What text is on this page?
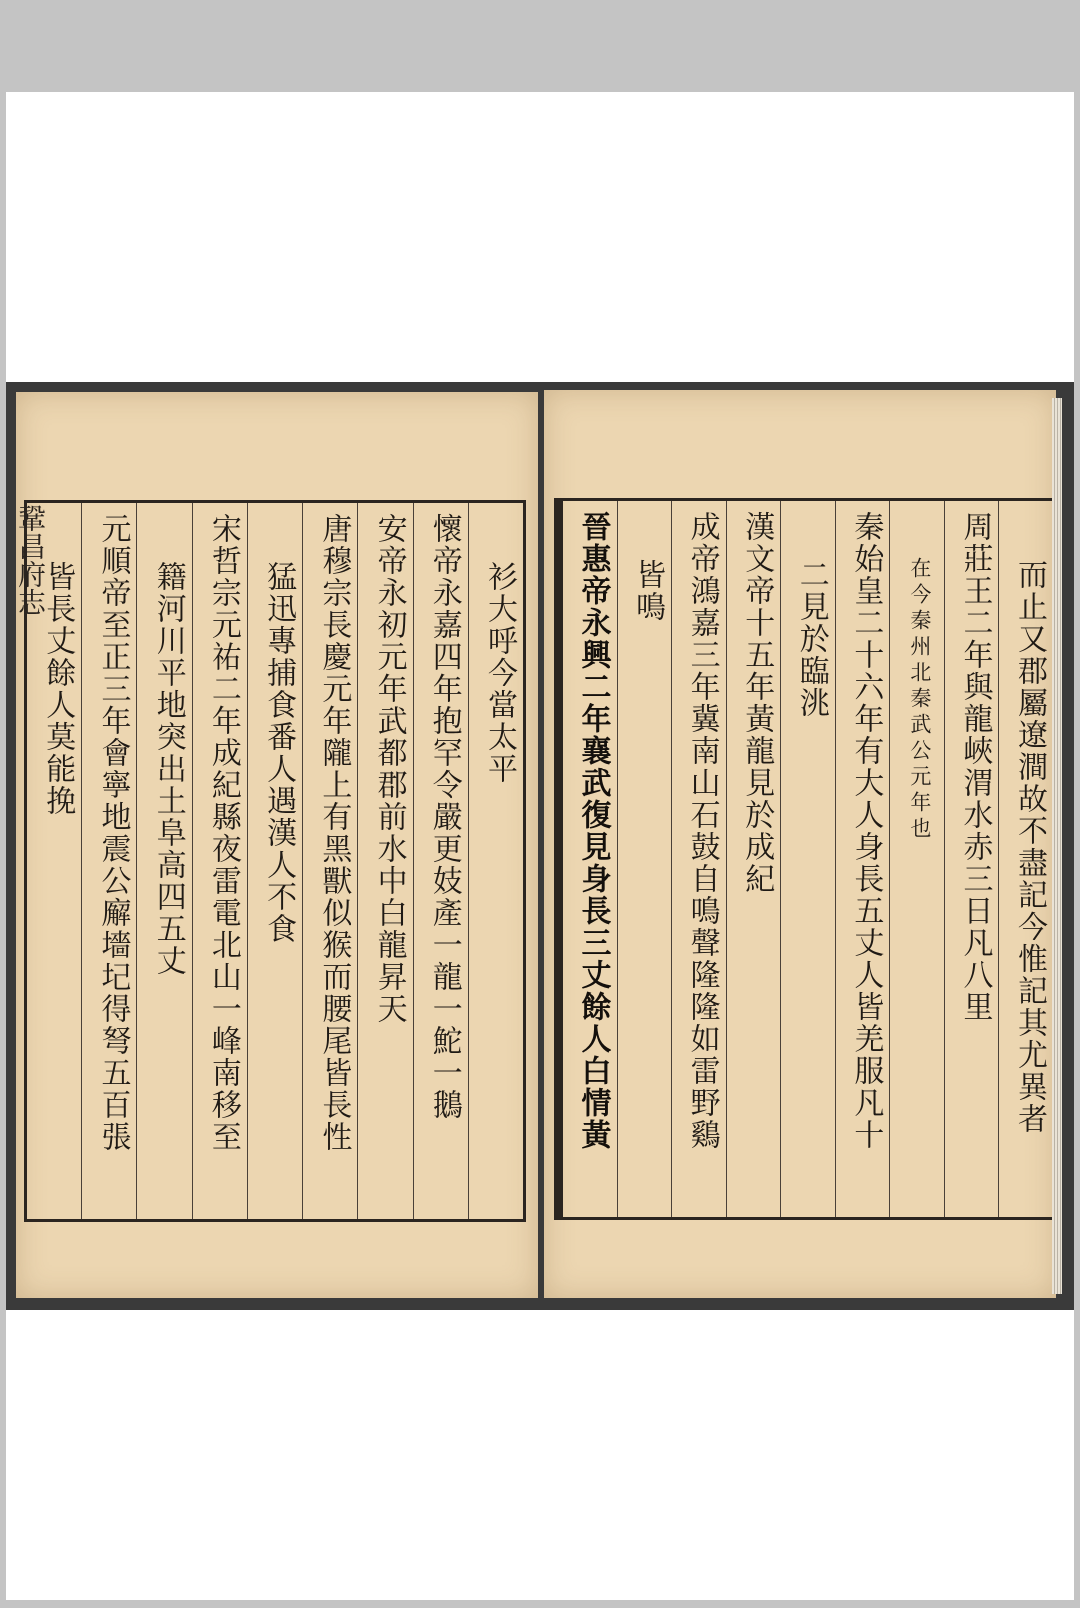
而止又郡屬遼澗故不盡記今惟記其尤異者
周莊王二年與龍峽渭水赤三日凡八里
在今秦州北秦武公元年也
秦始皇二十六年有大人身長五丈人皆羌服凡十
二見於臨洮
漢文帝十五年黃龍見於成紀
成帝鴻嘉三年冀南山石鼓自鳴聲隆隆如雷野鷄
皆鳴
晉惠帝永興二年襄武復見身長三丈餘人白情黃
衫大呼今當太平
懷帝永嘉四年抱罕令嚴更妓產一龍一鮀一鵝
安帝永初元年武都郡前水中白龍昇天
唐穆宗長慶元年隴上有黑獸似猴而腰尾皆長性
猛迅專捕食番人遇漢人不食
宋哲宗元祐二年成紀縣夜雷電北山一峰南移至
籍河川平地突出土阜高四五丈
元順帝至正三年會寧地震公廨墻圮得弩五百張
皆長丈餘人莫能挽
鞏昌府志
